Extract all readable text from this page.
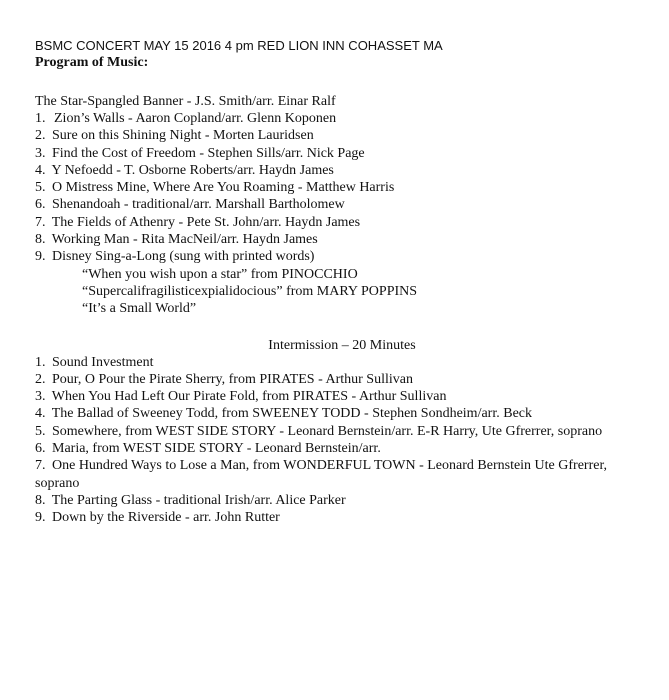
BSMC CONCERT MAY 15 2016 4 pm RED LION INN COHASSET MA

Program of Music:

The Star-Spangled Banner - J.S. Smith/arr. Einar Ralf

1. Zion’s Walls - Aaron Copland/arr. Glenn Koponen
2. Sure on this Shining Night - Morten Lauridsen
3. Find the Cost of Freedom - Stephen Sills/arr. Nick Page
4. Y Nefoedd - T. Osborne Roberts/arr. Haydn James
5. O Mistress Mine, Where Are You Roaming - Matthew Harris
6. Shenandoah - traditional/arr. Marshall Bartholomew
7. The Fields of Athenry - Pete St. John/arr. Haydn James
8. Working Man - Rita MacNeil/arr. Haydn James
9. Disney Sing-a-Long (sung with printed words)
“When you wish upon a star” from PINOCCHIO
“Supercalifragilisticexpialidocious” from MARY POPPINS
“It’s a Small World”

Intermission – 20 Minutes

1. Sound Investment
2. Pour, O Pour the Pirate Sherry, from PIRATES - Arthur Sullivan
3. When You Had Left Our Pirate Fold, from PIRATES - Arthur Sullivan
4. The Ballad of Sweeney Todd, from SWEENEY TODD - Stephen Sondheim/arr. Beck
5. Somewhere, from WEST SIDE STORY - Leonard Bernstein/arr. E-R Harry, Ute Gfrerrer, soprano
6. Maria, from WEST SIDE STORY - Leonard Bernstein/arr.
7. One Hundred Ways to Lose a Man, from WONDERFUL TOWN - Leonard Bernstein Ute Gfrerrer, soprano
8. The Parting Glass - traditional Irish/arr. Alice Parker
9. Down by the Riverside - arr. John Rutter
